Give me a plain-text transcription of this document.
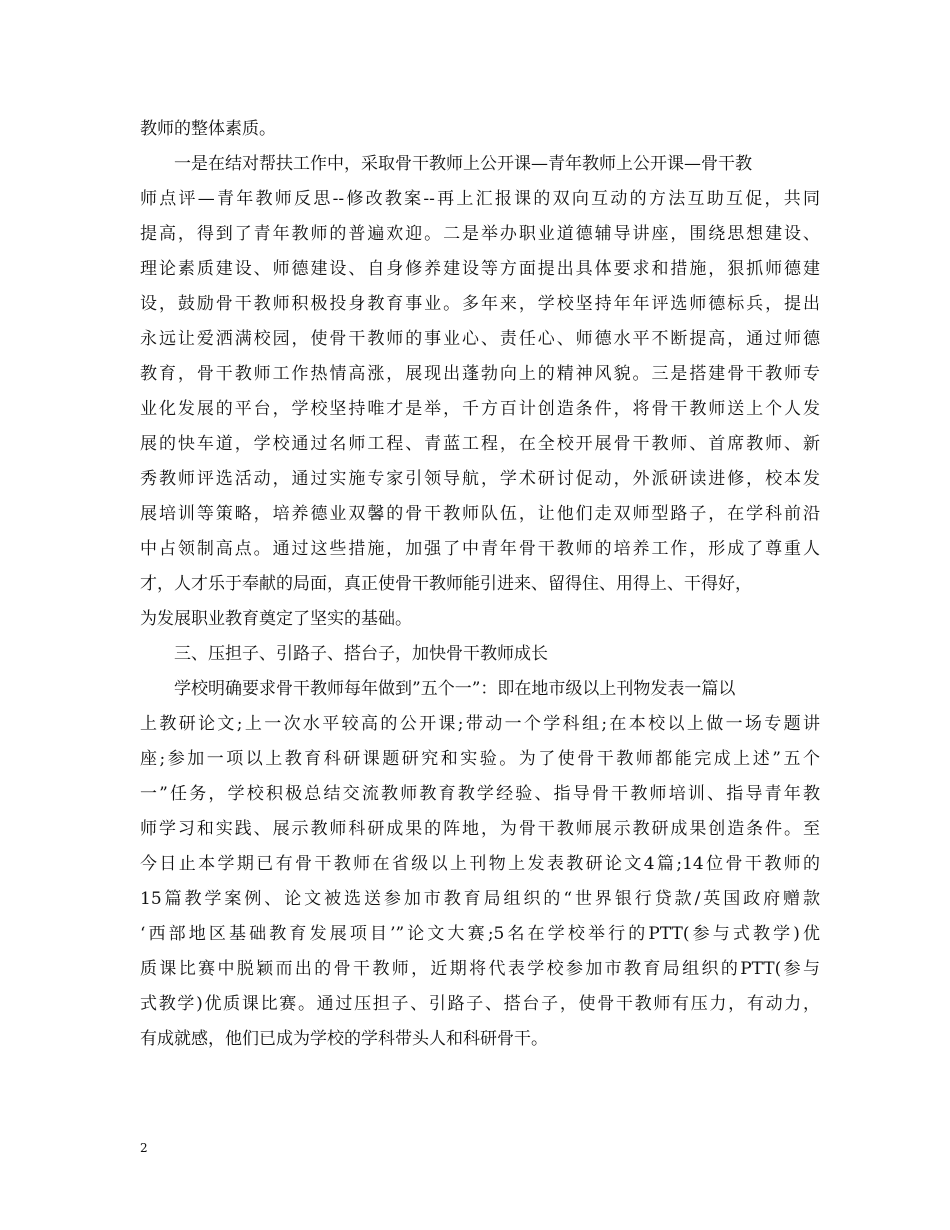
教师的整体素质。
一是在结对帮扶工作中，采取骨干教师上公开课—青年教师上公开课—骨干教
师点评—青年教师反思--修改教案--再上汇报课的双向互动的方法互助互促，共同
提高，得到了青年教师的普遍欢迎。二是举办职业道德辅导讲座，围绕思想建设、
理论素质建设、师德建设、自身修养建设等方面提出具体要求和措施，狠抓师德建
设，鼓励骨干教师积极投身教育事业。多年来，学校坚持年年评选师德标兵，提出
永远让爱洒满校园，使骨干教师的事业心、责任心、师德水平不断提高，通过师德
教育，骨干教师工作热情高涨，展现出蓬勃向上的精神风貌。三是搭建骨干教师专
业化发展的平台，学校坚持唯才是举，千方百计创造条件，将骨干教师送上个人发
展的快车道，学校通过名师工程、青蓝工程，在全校开展骨干教师、首席教师、新
秀教师评选活动，通过实施专家引领导航，学术研讨促动，外派研读进修，校本发
展培训等策略，培养德业双馨的骨干教师队伍，让他们走双师型路子，在学科前沿
中占领制高点。通过这些措施，加强了中青年骨干教师的培养工作，形成了尊重人
才，人才乐于奉献的局面，真正使骨干教师能引进来、留得住、用得上、干得好，
为发展职业教育奠定了坚实的基础。
三、压担子、引路子、搭台子，加快骨干教师成长
学校明确要求骨干教师每年做到”五个一”：即在地市级以上刊物发表一篇以
上教研论文;上一次水平较高的公开课;带动一个学科组;在本校以上做一场专题讲
座;参加一项以上教育科研课题研究和实验。为了使骨干教师都能完成上述”五个
一”任务，学校积极总结交流教师教育教学经验、指导骨干教师培训、指导青年教
师学习和实践、展示教师科研成果的阵地，为骨干教师展示教研成果创造条件。至
今日止本学期已有骨干教师在省级以上刊物上发表教研论文4篇;14位骨干教师的
15篇教学案例、论文被选送参加市教育局组织的“世界银行贷款/英国政府赠款
‘西部地区基础教育发展项目’”论文大赛;5名在学校举行的PTT(参与式教学)优
质课比赛中脱颖而出的骨干教师，近期将代表学校参加市教育局组织的PTT(参与
式教学)优质课比赛。通过压担子、引路子、搭台子，使骨干教师有压力，有动力，
有成就感，他们已成为学校的学科带头人和科研骨干。
2
